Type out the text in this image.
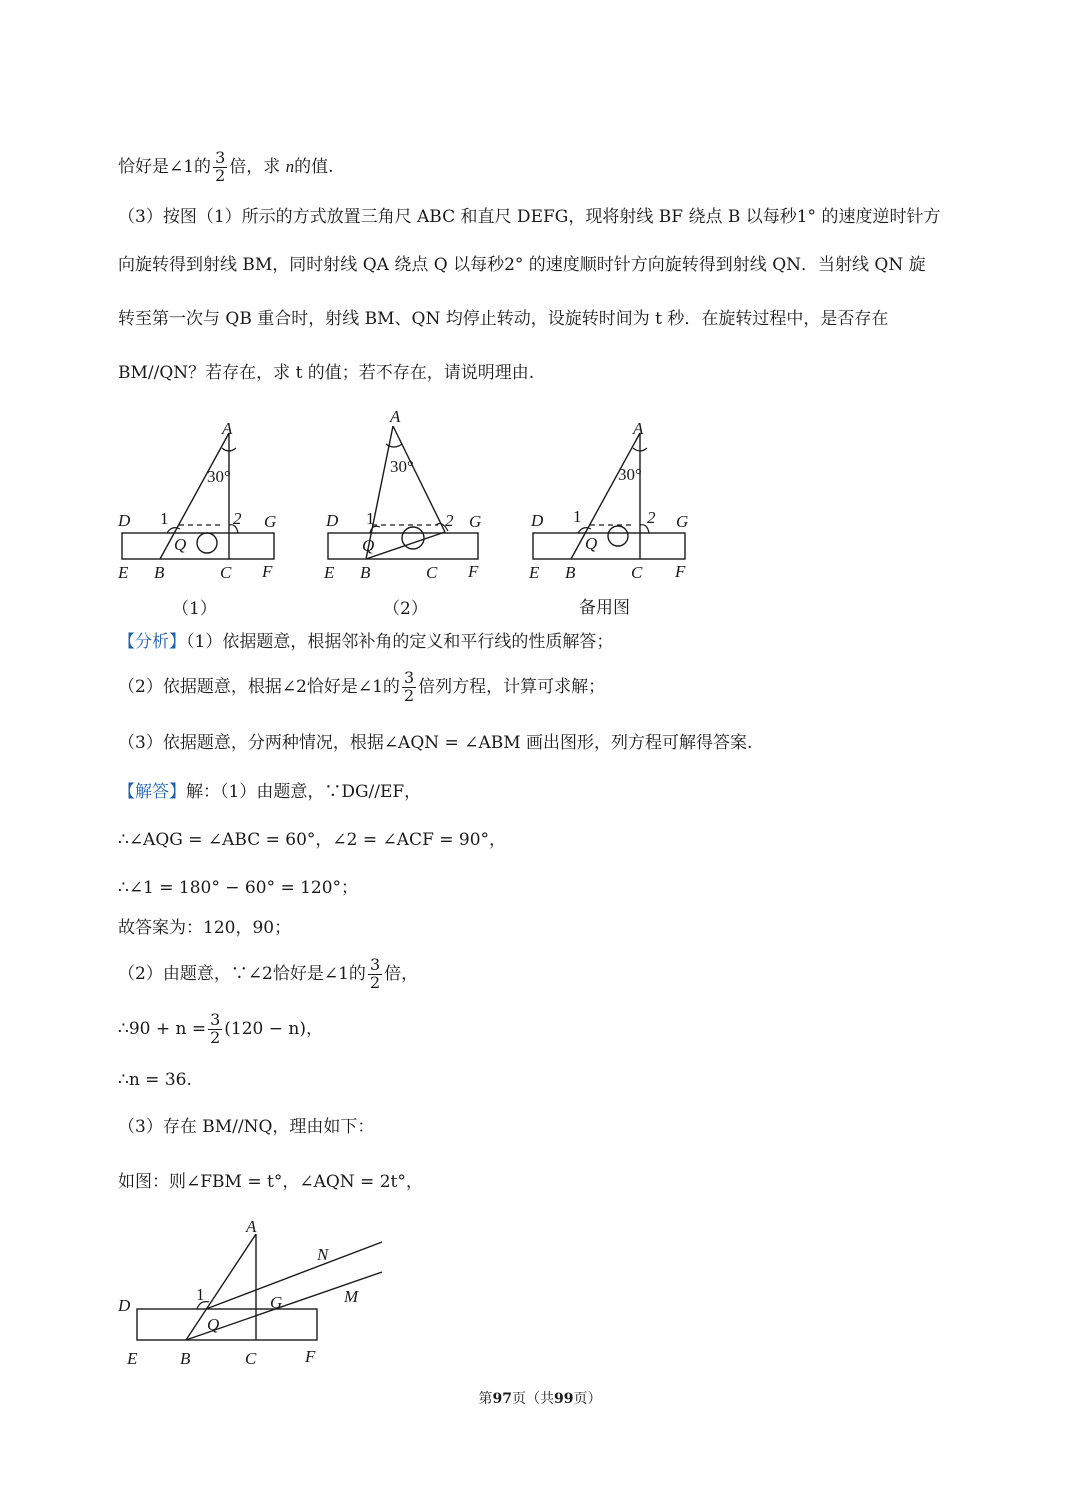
恰好是∠1的 $\frac{3}{2}$ 倍，求 n的值.
（3）按图（1）所示的方式放置三角尺 ABC 和直尺 DEFG，现将射线 BF 绕点 B 以每秒1° 的速度逆时针方
向旋转得到射线 BM，同时射线 QA 绕点 Q 以每秒2° 的速度顺时针方向旋转得到射线 QN．当射线 QN 旋
转至第一次与 QB 重合时，射线 BM、QN 均停止转动，设旋转时间为 t 秒．在旋转过程中，是否存在
BM//QN？若存在，求 t 的值；若不存在，请说明理由.
A
30°
1	2
D	G
Q
E B	C F
（1）
A
30°
1	2
D	G
Q
E B	C F
（2）
A
30°
1	2
D	G
Q
E B	C F
备用图
【分析】（1）依据题意，根据邻补角的定义和平行线的性质解答；
（2）依据题意，根据∠2恰好是∠1的 $\frac{3}{2}$ 倍列方程，计算可求解；
（3）依据题意，分两种情况，根据∠AQN = ∠ABM 画出图形，列方程可解得答案.
【解答】解：（1）由题意，∵DG//EF，
∴∠AQG = ∠ABC = 60°，∠2 = ∠ACF = 90°，
∴∠1 = 180° − 60° = 120°；
故答案为：120，90；
（2）由题意，∵∠2恰好是∠1的 $\frac{3}{2}$ 倍，
∴90 + $n = \frac{3}{2} (120 - n)$，
∴n = 36.
（3）存在 BM//NQ，理由如下：
如图：则∠FBM = t°，∠AQN = 2t°，
A
N
M
1
D	G
Q
E	B	C	F
第97页（共99页）
